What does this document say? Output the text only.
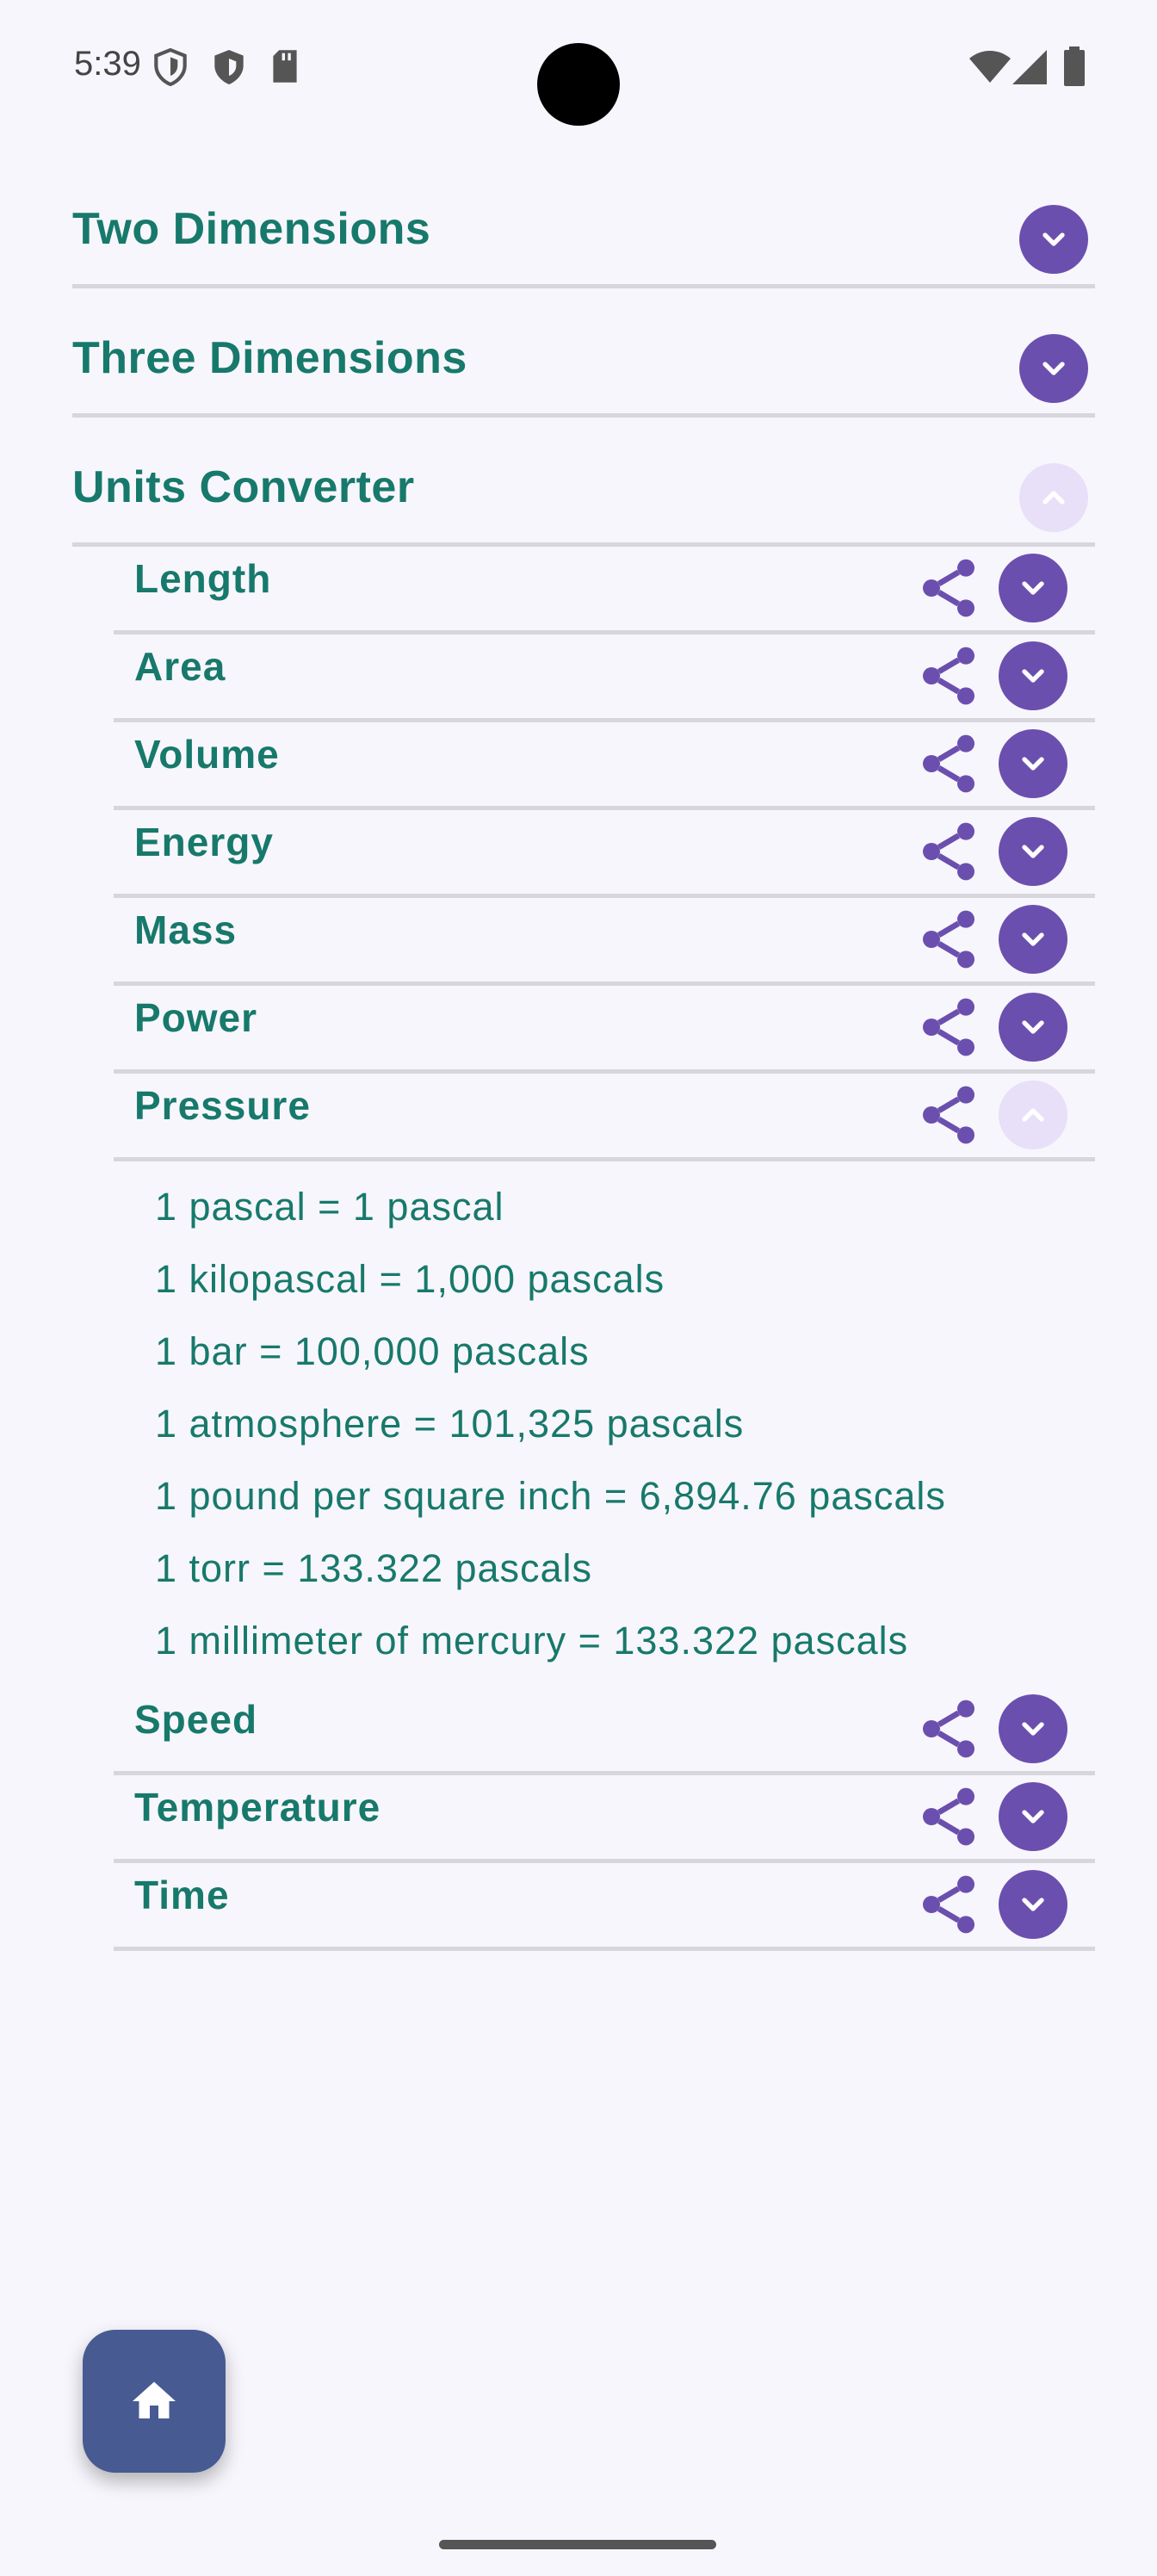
5:39
Two Dimensions
Three Dimensions
Units Converter
Length
Area
Volume
Energy
Mass
Power
Pressure
1 pascal = 1 pascal
1 kilopascal = 1,000 pascals
1 bar = 100,000 pascals
1 atmosphere = 101,325 pascals
1 pound per square inch = 6,894.76 pascals
1 torr = 133.322 pascals
1 millimeter of mercury = 133.322 pascals
Speed
Temperature
Time
